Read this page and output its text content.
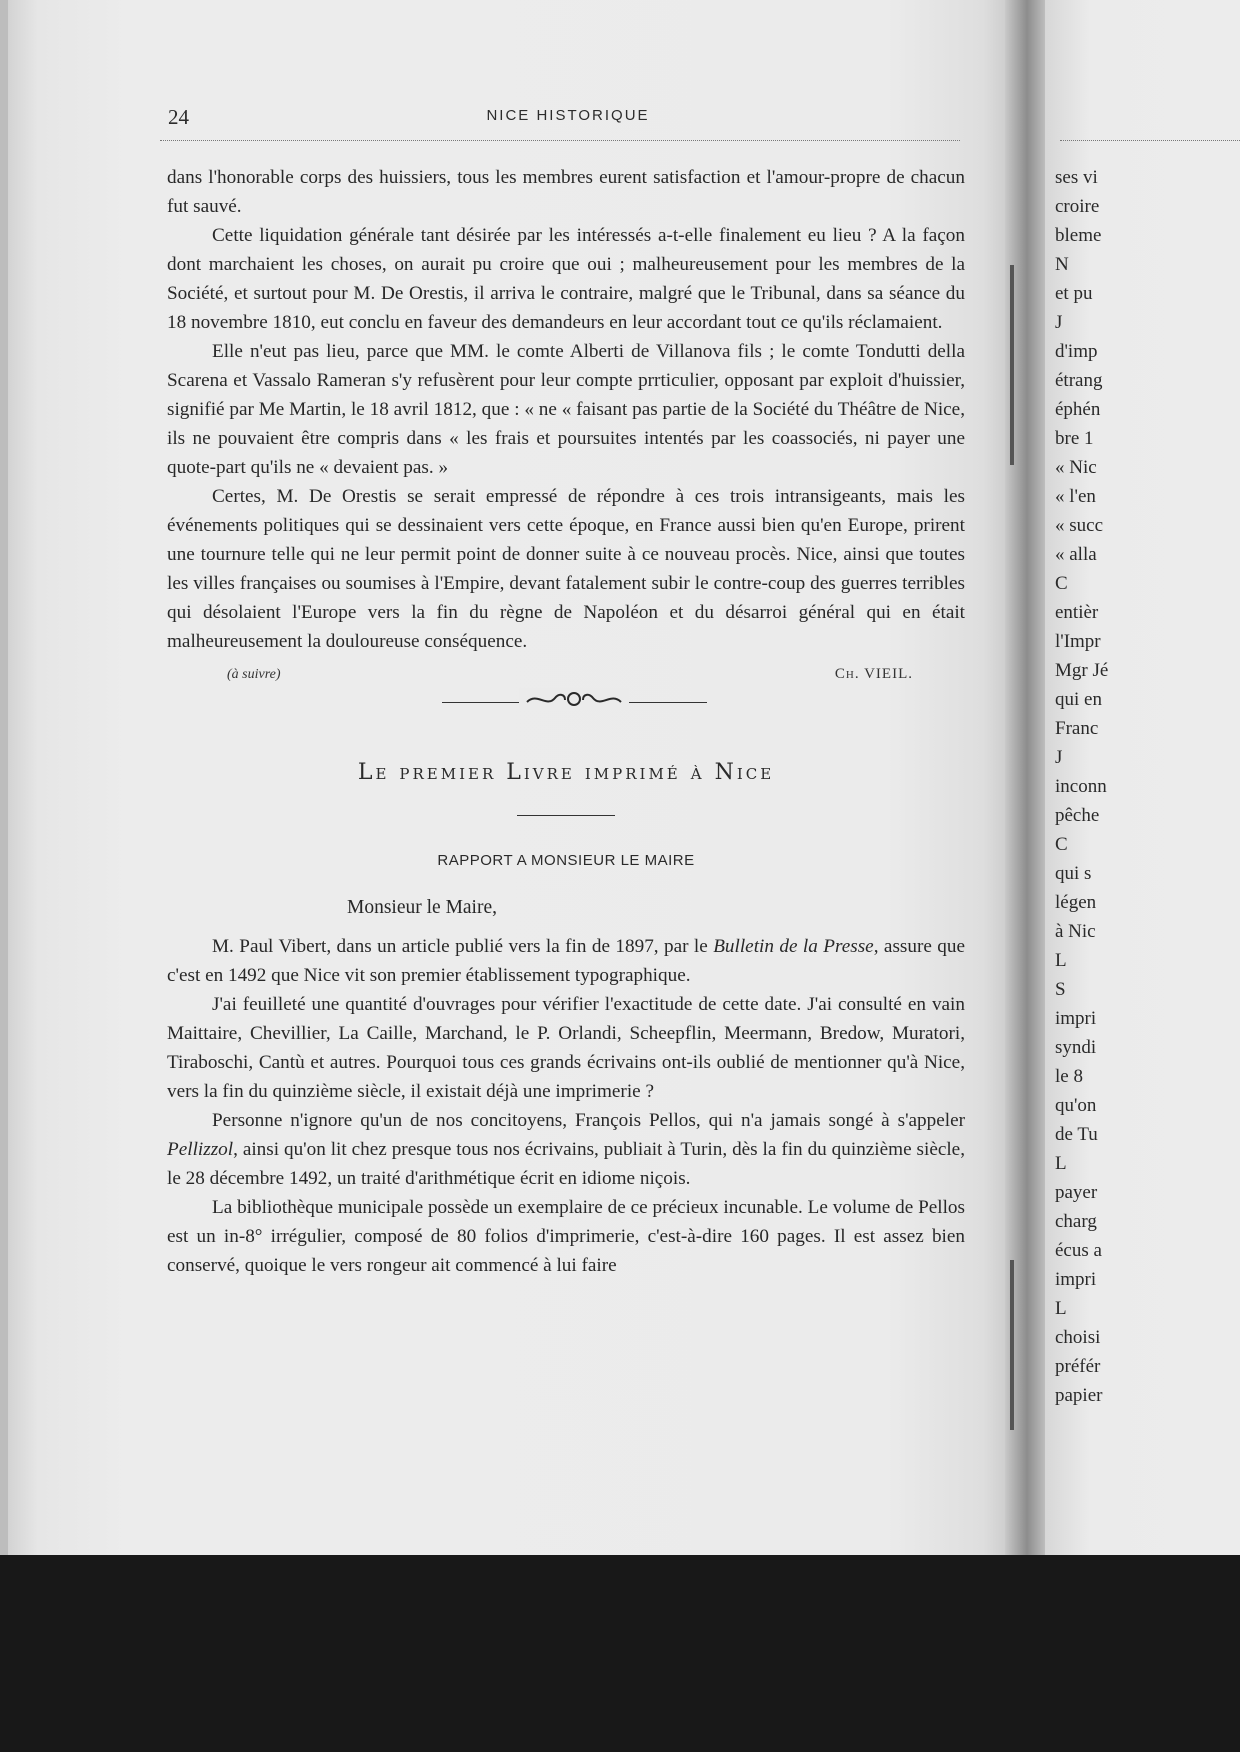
24	NICE HISTORIQUE

dans l'honorable corps des huissiers, tous les membres eurent satisfaction et l'amour-propre de chacun fut sauvé.

Cette liquidation générale tant désirée par les intéressés a-t-elle finalement eu lieu ? A la façon dont marchaient les choses, on aurait pu croire que oui ; malheureusement pour les membres de la Société, et surtout pour M. De Orestis, il arriva le contraire, malgré que le Tribunal, dans sa séance du 18 novembre 1810, eut conclu en faveur des demandeurs en leur accordant tout ce qu'ils réclamaient.

Elle n'eut pas lieu, parce que MM. le comte Alberti de Villanova fils ; le comte Tondutti della Scarena et Vassalo Rameran s'y refusèrent pour leur compte prrticulier, opposant par exploit d'huissier, signifié par Me Martin, le 18 avril 1812, que : « ne « faisant pas partie de la Société du Théâtre de Nice, ils ne pouvaient être compris dans « les frais et poursuites intentés par les coassociés, ni payer une quote-part qu'ils ne « devaient pas. »

Certes, M. De Orestis se serait empressé de répondre à ces trois intransigeants, mais les événements politiques qui se dessinaient vers cette époque, en France aussi bien qu'en Europe, prirent une tournure telle qui ne leur permit point de donner suite à ce nouveau procès. Nice, ainsi que toutes les villes françaises ou soumises à l'Empire, devant fatalement subir le contre-coup des guerres terribles qui désolaient l'Europe vers la fin du règne de Napoléon et du désarroi général qui en était malheureusement la douloureuse conséquence.

(à suivre)	Ch. VIEIL.
Le premier Livre imprimé à Nice
RAPPORT A MONSIEUR LE MAIRE

Monsieur le Maire,

M. Paul Vibert, dans un article publié vers la fin de 1897, par le Bulletin de la Presse, assure que c'est en 1492 que Nice vit son premier établissement typographique.

J'ai feuilleté une quantité d'ouvrages pour vérifier l'exactitude de cette date. J'ai consulté en vain Maittaire, Chevillier, La Caille, Marchand, le P. Orlandi, Scheepflin, Meermann, Bredow, Muratori, Tiraboschi, Cantù et autres. Pourquoi tous ces grands écrivains ont-ils oublié de mentionner qu'à Nice, vers la fin du quinzième siècle, il existait déjà une imprimerie ?

Personne n'ignore qu'un de nos concitoyens, François Pellos, qui n'a jamais songé à s'appeler Pellizzol, ainsi qu'on lit chez presque tous nos écrivains, publiait à Turin, dès la fin du quinzième siècle, le 28 décembre 1492, un traité d'arithmétique écrit en idiome niçois.

La bibliothèque municipale possède un exemplaire de ce précieux incunable. Le volume de Pellos est un in-8° irrégulier, composé de 80 folios d'imprimerie, c'est-à-dire 160 pages. Il est assez bien conservé, quoique le vers rongeur ait commencé à lui faire

ses vi
croire
bleme
N
et pu
J
d'imp
étrang
éphén
bre 1
« Nic
« l'en
« succ
« alla
C
entièr
l'Impr
Mgr Jé
qui en
Franc
J
inconn
pêche
C
qui s
légen
à Nic
L
S
impri
syndi
le 8
qu'on
de Tu
L
payer
charg
écus a
impri
L
choisi
préfér
papier
